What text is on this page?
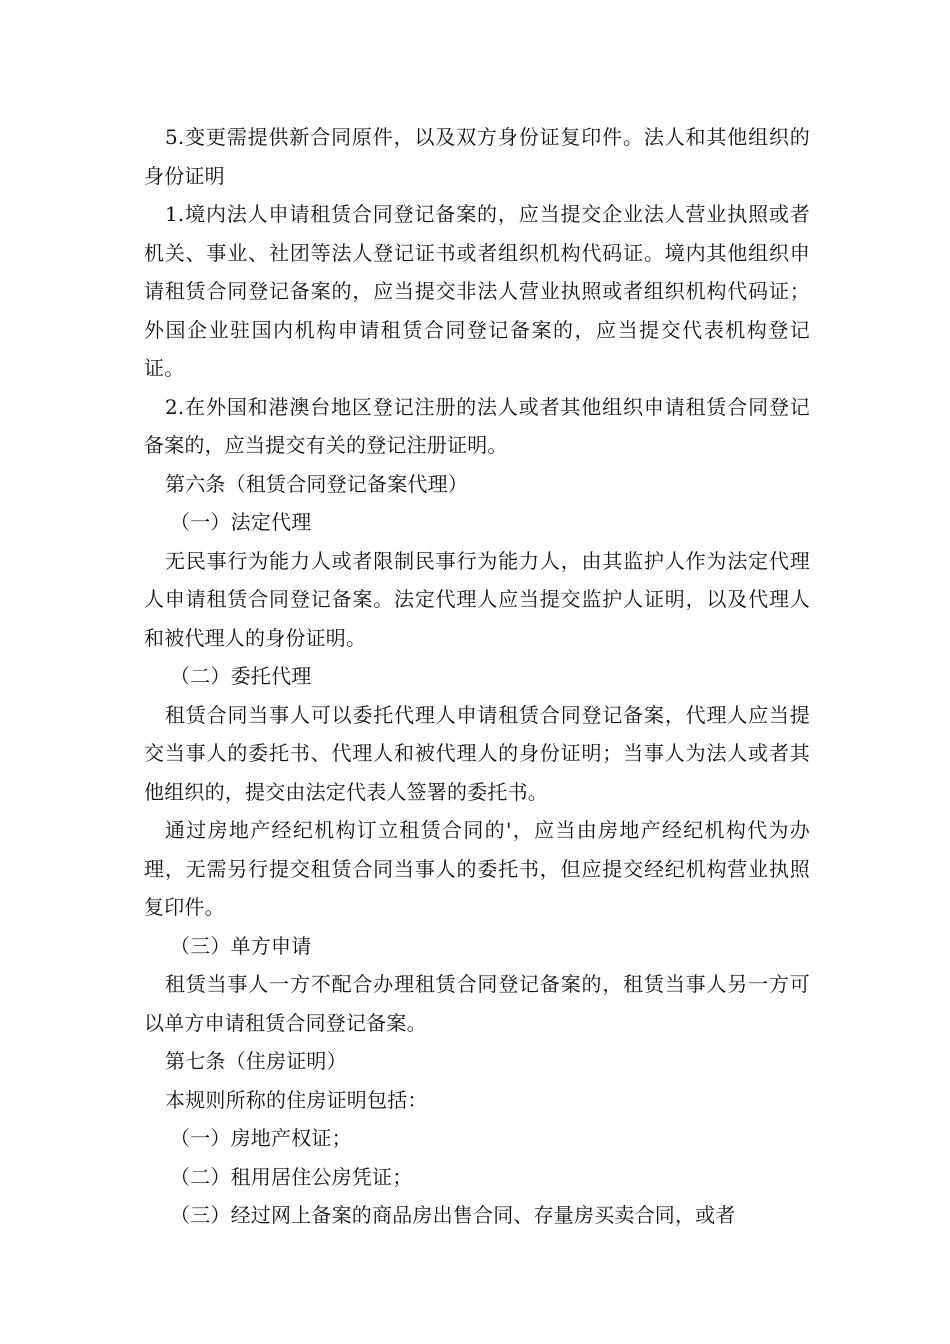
5.变更需提供新合同原件，以及双方身份证复印件。法人和其他组织的身份证明

1.境内法人申请租赁合同登记备案的，应当提交企业法人营业执照或者机关、事业、社团等法人登记证书或者组织机构代码证。境内其他组织申请租赁合同登记备案的，应当提交非法人营业执照或者组织机构代码证；外国企业驻国内机构申请租赁合同登记备案的，应当提交代表机构登记证。

2.在外国和港澳台地区登记注册的法人或者其他组织申请租赁合同登记备案的，应当提交有关的登记注册证明。

第六条（租赁合同登记备案代理）

（一）法定代理

无民事行为能力人或者限制民事行为能力人，由其监护人作为法定代理人申请租赁合同登记备案。法定代理人应当提交监护人证明，以及代理人和被代理人的身份证明。

（二）委托代理

租赁合同当事人可以委托代理人申请租赁合同登记备案，代理人应当提交当事人的委托书、代理人和被代理人的身份证明；当事人为法人或者其他组织的，提交由法定代表人签署的委托书。

通过房地产经纪机构订立租赁合同的'，应当由房地产经纪机构代为办理，无需另行提交租赁合同当事人的委托书，但应提交经纪机构营业执照复印件。

（三）单方申请

租赁当事人一方不配合办理租赁合同登记备案的，租赁当事人另一方可以单方申请租赁合同登记备案。

第七条（住房证明）

本规则所称的住房证明包括：

（一）房地产权证；

（二）租用居住公房凭证；

（三）经过网上备案的商品房出售合同、存量房买卖合同，或者
